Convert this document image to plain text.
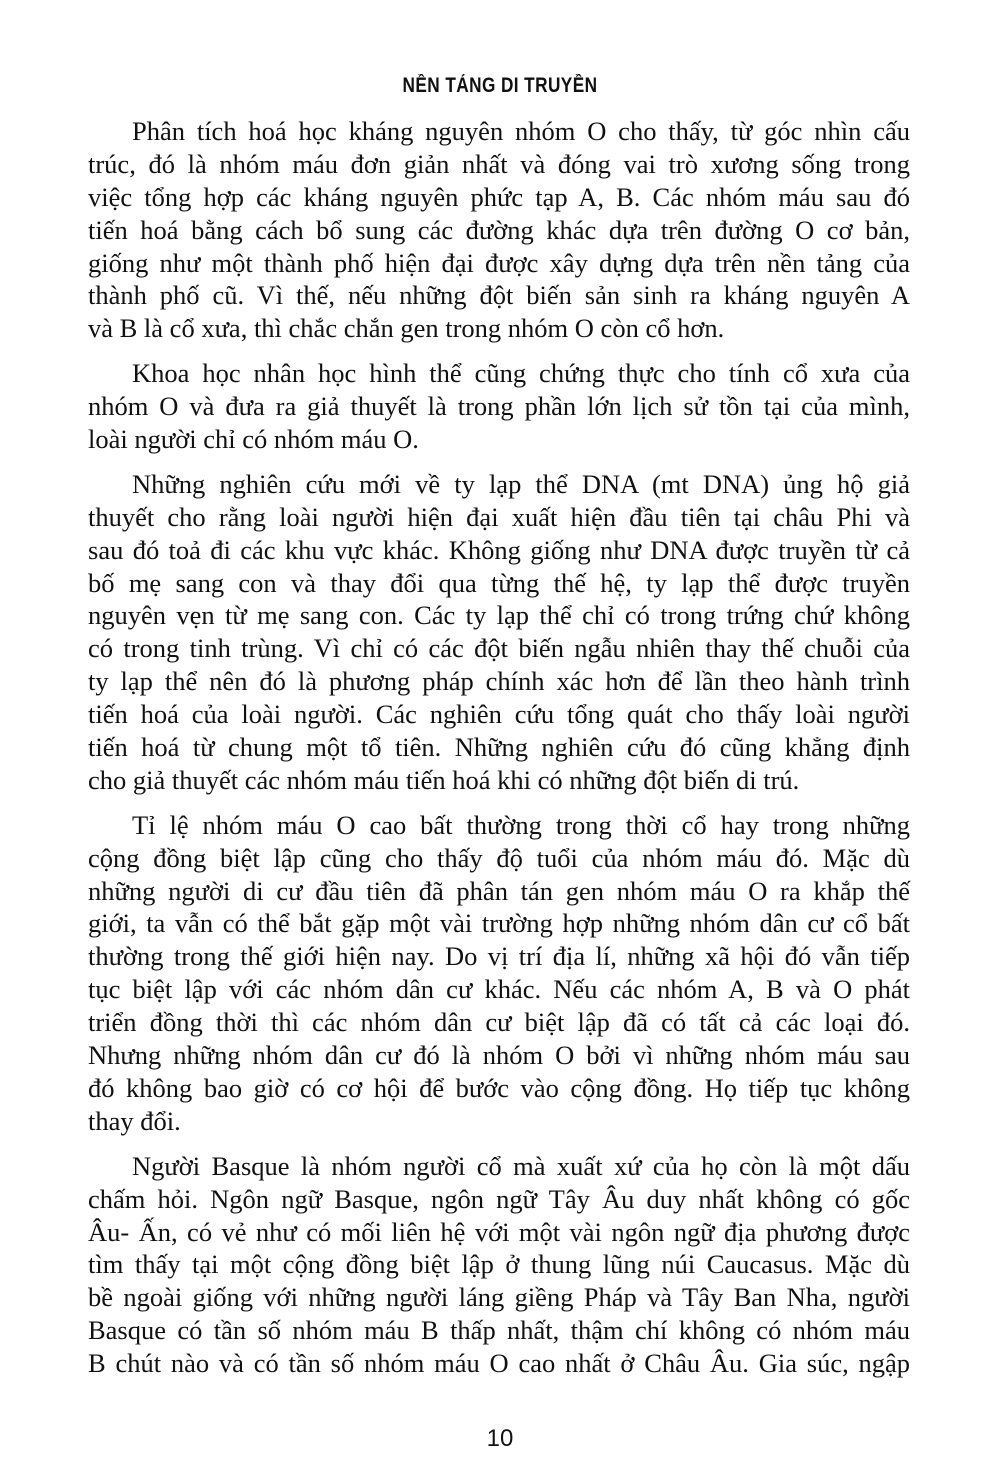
NỀN TẢNG DI TRUYỀN
Phân tích hoá học kháng nguyên nhóm O cho thấy, từ góc nhìn cấu
trúc, đó là nhóm máu đơn giản nhất và đóng vai trò xương sống trong
việc tổng hợp các kháng nguyên phức tạp A, B. Các nhóm máu sau đó
tiến hoá bằng cách bổ sung các đường khác dựa trên đường O cơ bản,
giống như một thành phố hiện đại được xây dựng dựa trên nền tảng của
thành phố cũ. Vì thế, nếu những đột biến sản sinh ra kháng nguyên A
và B là cổ xưa, thì chắc chắn gen trong nhóm O còn cổ hơn.
Khoa học nhân học hình thể cũng chứng thực cho tính cổ xưa của
nhóm O và đưa ra giả thuyết là trong phần lớn lịch sử tồn tại của mình,
loài người chỉ có nhóm máu O.
Những nghiên cứu mới về ty lạp thể DNA (mt DNA) ủng hộ giả
thuyết cho rằng loài người hiện đại xuất hiện đầu tiên tại châu Phi và
sau đó toả đi các khu vực khác. Không giống như DNA được truyền từ cả
bố mẹ sang con và thay đổi qua từng thế hệ, ty lạp thể được truyền
nguyên vẹn từ mẹ sang con. Các ty lạp thể chỉ có trong trứng chứ không
có trong tinh trùng. Vì chỉ có các đột biến ngẫu nhiên thay thế chuỗi của
ty lạp thể nên đó là phương pháp chính xác hơn để lần theo hành trình
tiến hoá của loài người. Các nghiên cứu tổng quát cho thấy loài người
tiến hoá từ chung một tổ tiên. Những nghiên cứu đó cũng khẳng định
cho giả thuyết các nhóm máu tiến hoá khi có những đột biến di trú.
Tỉ lệ nhóm máu O cao bất thường trong thời cổ hay trong những
cộng đồng biệt lập cũng cho thấy độ tuổi của nhóm máu đó. Mặc dù
những người di cư đầu tiên đã phân tán gen nhóm máu O ra khắp thế
giới, ta vẫn có thể bắt gặp một vài trường hợp những nhóm dân cư cổ bất
thường trong thế giới hiện nay. Do vị trí địa lí, những xã hội đó vẫn tiếp
tục biệt lập với các nhóm dân cư khác. Nếu các nhóm A, B và O phát
triển đồng thời thì các nhóm dân cư biệt lập đã có tất cả các loại đó.
Nhưng những nhóm dân cư đó là nhóm O bởi vì những nhóm máu sau
đó không bao giờ có cơ hội để bước vào cộng đồng. Họ tiếp tục không
thay đổi.
Người Basque là nhóm người cổ mà xuất xứ của họ còn là một dấu
chấm hỏi. Ngôn ngữ Basque, ngôn ngữ Tây Âu duy nhất không có gốc
Âu- Ấn, có vẻ như có mối liên hệ với một vài ngôn ngữ địa phương được
tìm thấy tại một cộng đồng biệt lập ở thung lũng núi Caucasus. Mặc dù
bề ngoài giống với những người láng giềng Pháp và Tây Ban Nha, người
Basque có tần số nhóm máu B thấp nhất, thậm chí không có nhóm máu
B chút nào và có tần số nhóm máu O cao nhất ở Châu Âu. Gia súc, ngập
10
